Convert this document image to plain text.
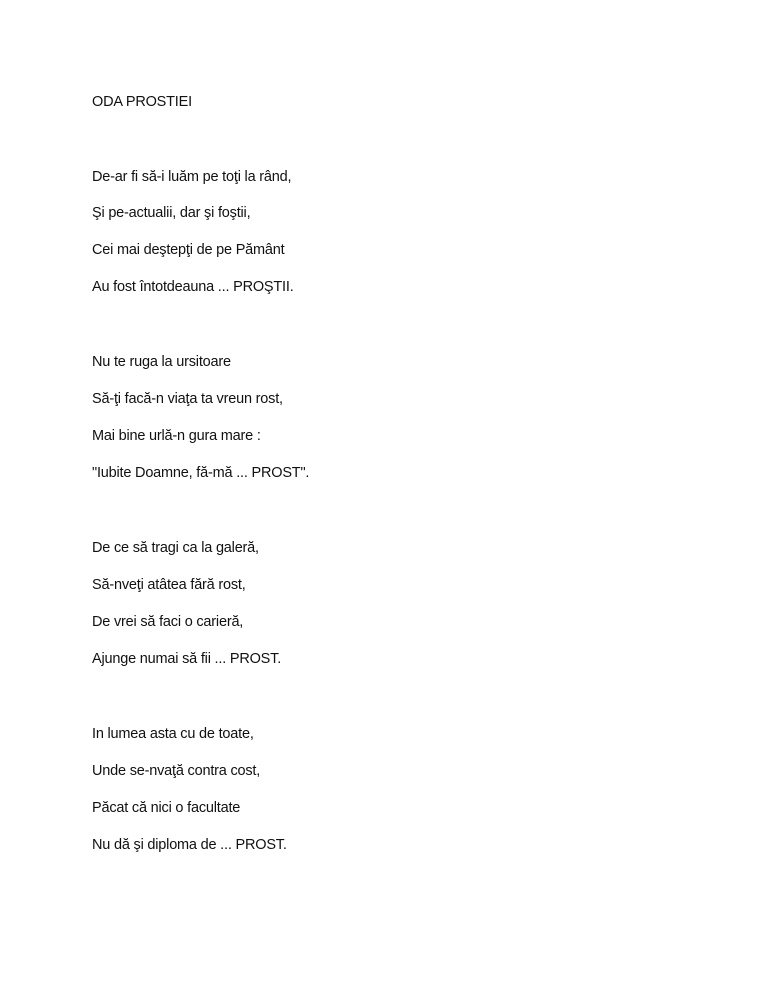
ODA PROSTIEI
De-ar fi să-i luăm pe toţi la rând,
Şi pe-actualii, dar şi foştii,
Cei mai deştepţi de pe Pământ
Au fost întotdeauna ... PROŞTII.
Nu te ruga la ursitoare
Să-ţi facă-n viaţa ta vreun rost,
Mai bine urlă-n gura mare :
"Iubite Doamne, fă-mă ... PROST".
De ce să tragi ca la galeră,
Să-nveţi atâtea fără rost,
De vrei să faci o carieră,
Ajunge numai să fii ... PROST.
In lumea asta cu de toate,
Unde se-nvaţă contra cost,
Păcat că nici o facultate
Nu dă şi diploma de ... PROST.
